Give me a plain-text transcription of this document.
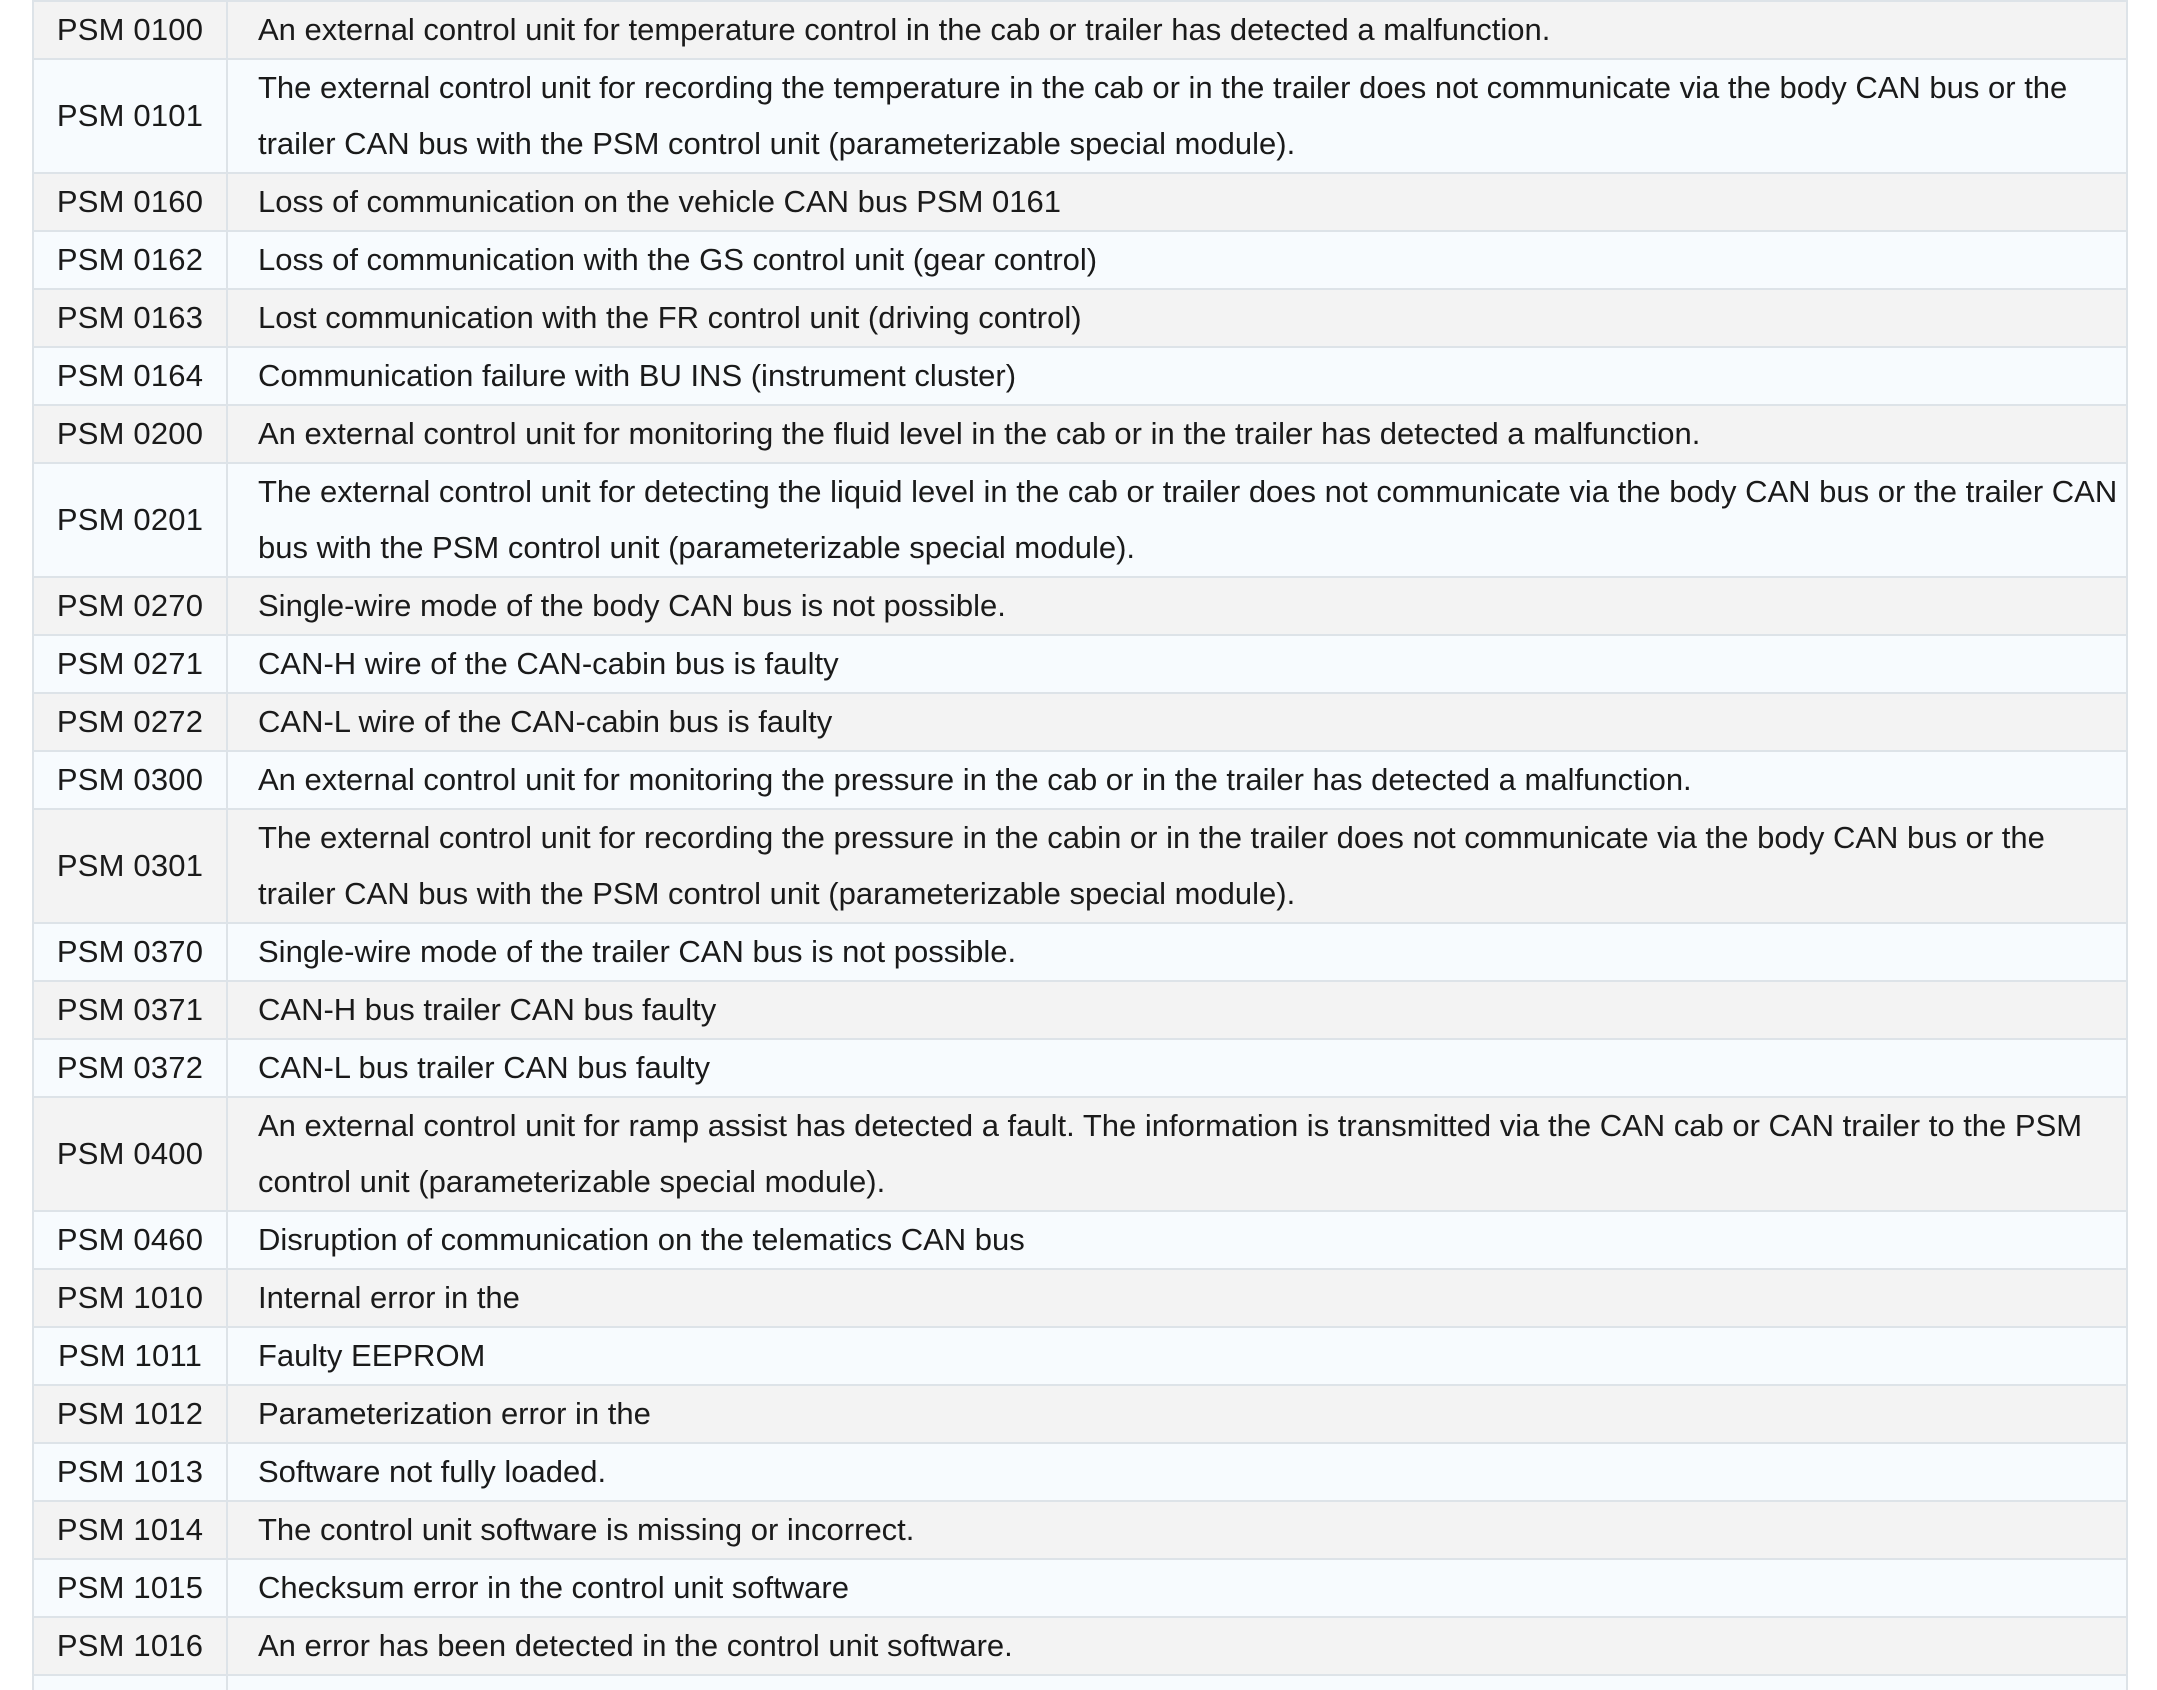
PSM 0100	An external control unit for temperature control in the cab or trailer has detected a malfunction.
PSM 0101	The external control unit for recording the temperature in the cab or in the trailer does not communicate via the body CAN bus or the trailer CAN bus with the PSM control unit (parameterizable special module).
PSM 0160	Loss of communication on the vehicle CAN bus PSM 0161
PSM 0162	Loss of communication with the GS control unit (gear control)
PSM 0163	Lost communication with the FR control unit (driving control)
PSM 0164	Communication failure with BU INS (instrument cluster)
PSM 0200	An external control unit for monitoring the fluid level in the cab or in the trailer has detected a malfunction.
PSM 0201	The external control unit for detecting the liquid level in the cab or trailer does not communicate via the body CAN bus or the trailer CAN bus with the PSM control unit (parameterizable special module).
PSM 0270	Single-wire mode of the body CAN bus is not possible.
PSM 0271	CAN-H wire of the CAN-cabin bus is faulty
PSM 0272	CAN-L wire of the CAN-cabin bus is faulty
PSM 0300	An external control unit for monitoring the pressure in the cab or in the trailer has detected a malfunction.
PSM 0301	The external control unit for recording the pressure in the cabin or in the trailer does not communicate via the body CAN bus or the trailer CAN bus with the PSM control unit (parameterizable special module).
PSM 0370	Single-wire mode of the trailer CAN bus is not possible.
PSM 0371	CAN-H bus trailer CAN bus faulty
PSM 0372	CAN-L bus trailer CAN bus faulty
PSM 0400	An external control unit for ramp assist has detected a fault. The information is transmitted via the CAN cab or CAN trailer to the PSM control unit (parameterizable special module).
PSM 0460	Disruption of communication on the telematics CAN bus
PSM 1010	Internal error in the
PSM 1011	Faulty EEPROM
PSM 1012	Parameterization error in the
PSM 1013	Software not fully loaded.
PSM 1014	The control unit software is missing or incorrect.
PSM 1015	Checksum error in the control unit software
PSM 1016	An error has been detected in the control unit software.
